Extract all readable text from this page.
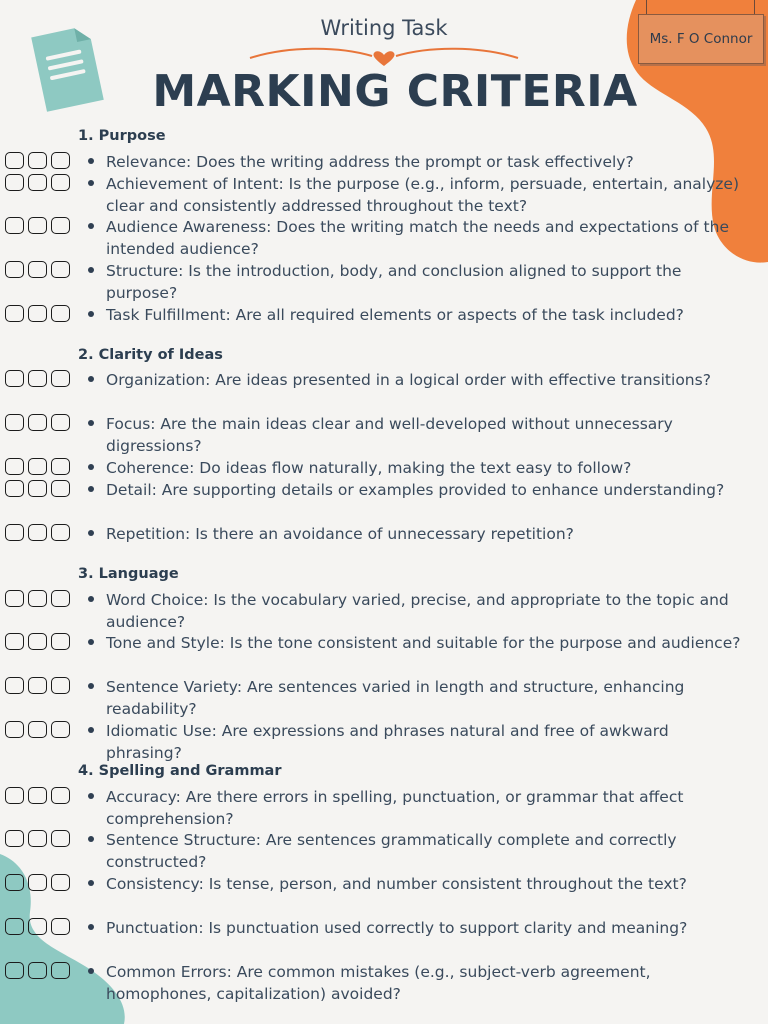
Writing Task
MARKING CRITERIA
Ms. F O Connor
1. Purpose
Relevance: Does the writing address the prompt or task effectively?
Achievement of Intent: Is the purpose (e.g., inform, persuade, entertain, analyze) clear and consistently addressed throughout the text?
Audience Awareness: Does the writing match the needs and expectations of the intended audience?
Structure: Is the introduction, body, and conclusion aligned to support the purpose?
Task Fulfillment: Are all required elements or aspects of the task included?
2. Clarity of Ideas
Organization: Are ideas presented in a logical order with effective transitions?
Focus: Are the main ideas clear and well-developed without unnecessary digressions?
Coherence: Do ideas flow naturally, making the text easy to follow?
Detail: Are supporting details or examples provided to enhance understanding?
Repetition: Is there an avoidance of unnecessary repetition?
3. Language
Word Choice: Is the vocabulary varied, precise, and appropriate to the topic and audience?
Tone and Style: Is the tone consistent and suitable for the purpose and audience?
Sentence Variety: Are sentences varied in length and structure, enhancing readability?
Idiomatic Use: Are expressions and phrases natural and free of awkward phrasing?
4. Spelling and Grammar
Accuracy: Are there errors in spelling, punctuation, or grammar that affect comprehension?
Sentence Structure: Are sentences grammatically complete and correctly constructed?
Consistency: Is tense, person, and number consistent throughout the text?
Punctuation: Is punctuation used correctly to support clarity and meaning?
Common Errors: Are common mistakes (e.g., subject-verb agreement, homophones, capitalization) avoided?
